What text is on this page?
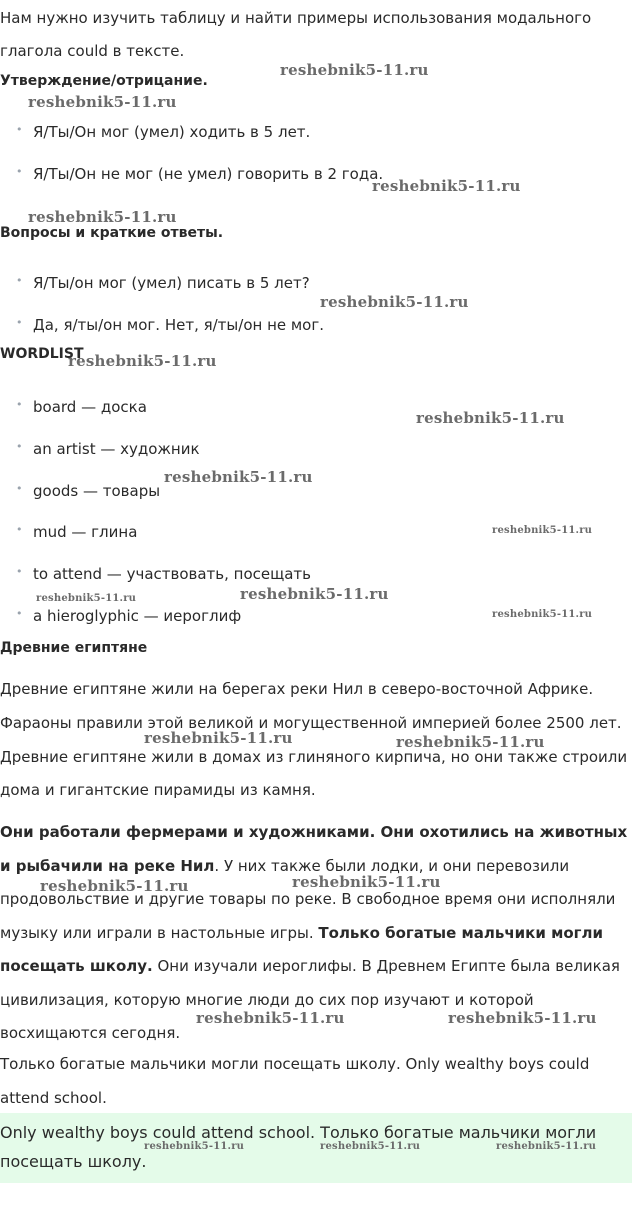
Нам нужно изучить таблицу и найти примеры использования модального глагола could в тексте.

Утверждение/отрицание.

• Я/Ты/Он мог (умел) ходить в 5 лет.
• Я/Ты/Он не мог (не умел) говорить в 2 года.

Вопросы и краткие ответы.

• Я/Ты/он мог (умел) писать в 5 лет?
• Да, я/ты/он мог. Нет, я/ты/он не мог.

WORDLIST

• board — доска
• an artist — художник
• goods — товары
• mud — глина
• to attend — участвовать, посещать
• a hieroglyphic — иероглиф

Древние египтяне

Древние египтяне жили на берегах реки Нил в северо-восточной Африке.

Фараоны правили этой великой и могущественной империей более 2500 лет. Древние египтяне жили в домах из глиняного кирпича, но они также строили дома и гигантские пирамиды из камня.

Они работали фермерами и художниками. Они охотились на животных и рыбачили на реке Нил. У них также были лодки, и они перевозили продовольствие и другие товары по реке. В свободное время они исполняли музыку или играли в настольные игры. Только богатые мальчики могли посещать школу. Они изучали иероглифы. В Древнем Египте была великая цивилизация, которую многие люди до сих пор изучают и которой восхищаются сегодня.

Только богатые мальчики могли посещать школу. Only wealthy boys could attend school.

Only wealthy boys could attend school. Только богатые мальчики могли посещать школу.

reshebnik5-11.ru
reshebnik5-11.ru
reshebnik5-11.ru
reshebnik5-11.ru
reshebnik5-11.ru
reshebnik5-11.ru
reshebnik5-11.ru
reshebnik5-11.ru
reshebnik5-11.ru
reshebnik5-11.ru
reshebnik5-11.ru
reshebnik5-11.ru
reshebnik5-11.ru	reshebnik5-11.ru
reshebnik5-11.ru
reshebnik5-11.ru
reshebnik5-11.ru	reshebnik5-11.ru
reshebnik5-11.ru	reshebnik5-11.ru	reshebnik5-11.ru
